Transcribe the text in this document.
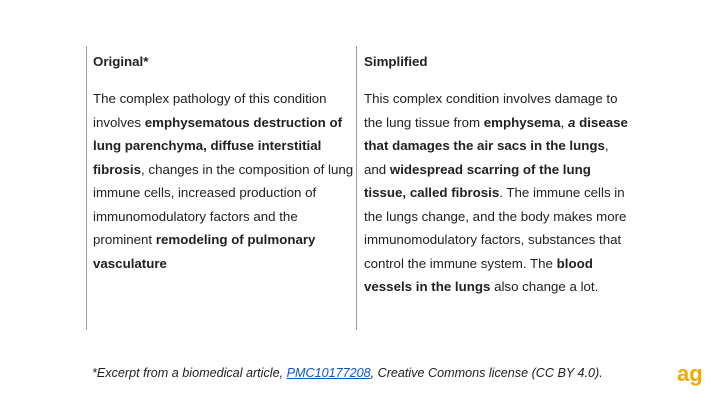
Original*
The complex pathology of this condition involves emphysematous destruction of lung parenchyma, diffuse interstitial fibrosis, changes in the composition of lung immune cells, increased production of immunomodulatory factors and the prominent remodeling of pulmonary vasculature
Simplified
This complex condition involves damage to the lung tissue from emphysema, a disease that damages the air sacs in the lungs, and widespread scarring of the lung tissue, called fibrosis. The immune cells in the lungs change, and the body makes more immunomodulatory factors, substances that control the immune system. The blood vessels in the lungs also change a lot.
*Excerpt from a biomedical article, PMC10177208, Creative Commons license (CC BY 4.0).	ag
